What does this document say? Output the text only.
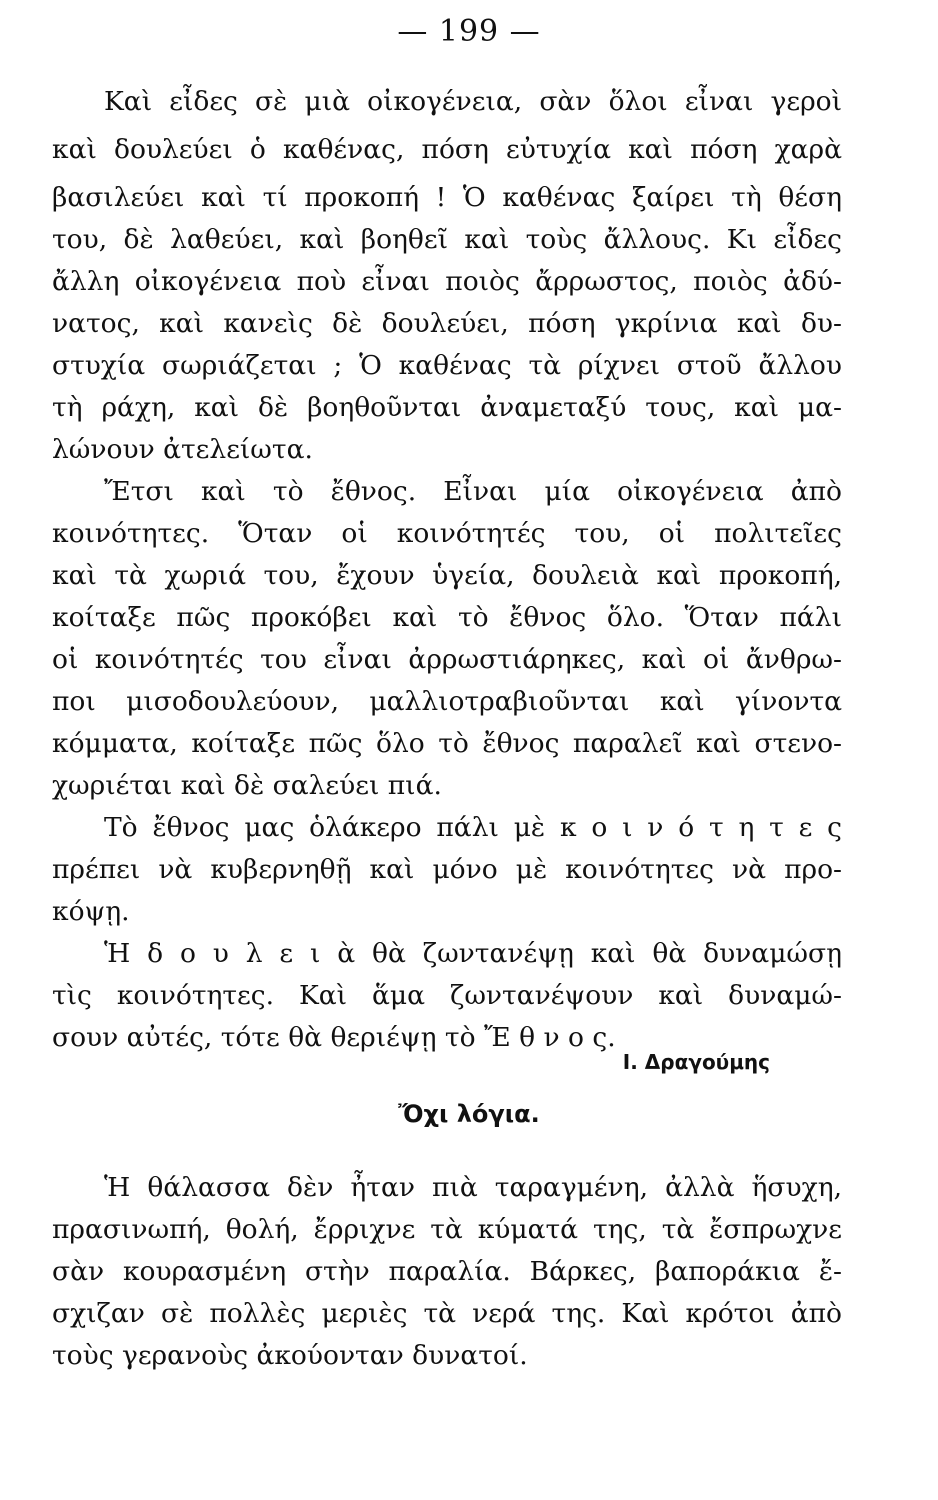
— 199 —
Καὶ εἶδες σὲ μιὰ οἰκογένεια, σὰν ὅλοι εἶναι γεροὶ
καὶ δουλεύει ὁ καθένας, πόση εὐτυχία καὶ πόση χαρὰ
βασιλεύει καὶ τί προκοπή ! Ὁ καθένας ξαίρει τὴ θέση
του, δὲ λαθεύει, καὶ βοηθεῖ καὶ τοὺς ἄλλους. Κι εἶδες
ἄλλη οἰκογένεια ποὺ εἶναι ποιὸς ἄρρωστος, ποιὸς ἀδύ-
νατος, καὶ κανεὶς δὲ δουλεύει, πόση γκρίνια καὶ δυ-
στυχία σωριάζεται ; Ὁ καθένας τὰ ρίχνει στοῦ ἄλλου
τὴ ράχη, καὶ δὲ βοηθοῦνται ἀναμεταξύ τους, καὶ μα-
λώνουν ἀτελείωτα.
Ἔτσι καὶ τὸ ἔθνος. Εἶναι μία οἰκογένεια ἀπὸ
κοινότητες. Ὅταν οἱ κοινότητές του, οἱ πολιτεῖες
καὶ τὰ χωριά του, ἔχουν ὑγεία, δουλειὰ καὶ προκοπή,
κοίταξε πῶς προκόβει καὶ τὸ ἔθνος ὅλο. Ὅταν πάλι
οἱ κοινότητές του εἶναι ἀρρωστιάρηκες, καὶ οἱ ἄνθρω-
ποι μισοδουλεύουν, μαλλιοτραβιοῦνται καὶ γίνοντα
κόμματα, κοίταξε πῶς ὅλο τὸ ἔθνος παραλεῖ καὶ στενο-
χωριέται καὶ δὲ σαλεύει πιά.
Τὸ ἔθνος μας ὁλάκερο πάλι μὲ κ ο ι ν ό τ η τ ε ς
πρέπει νὰ κυβερνηθῇ καὶ μόνο μὲ κοινότητες νὰ προ-
κόψῃ.
Ἡ δ ο υ λ ε ι ὰ θὰ ζωντανέψῃ καὶ θὰ δυναμώσῃ
τὶς κοινότητες. Καὶ ἅμα ζωντανέψουν καὶ δυναμώ-
σουν αὐτές, τότε θὰ θεριέψῃ τὸ Ἔ θ ν ο ς.
Ι. Δραγούμης
Ὄχι λόγια.
Ἡ θάλασσα δὲν ἦταν πιὰ ταραγμένη, ἀλλὰ ἥσυχη,
πρασινωπή, θολή, ἔρριχνε τὰ κύματά της, τὰ ἔσπρωχνε
σὰν κουρασμένη στὴν παραλία. Βάρκες, βαποράκια ἔ-
σχιζαν σὲ πολλὲς μεριὲς τὰ νερά της. Καὶ κρότοι ἀπὸ
τοὺς γερανοὺς ἀκούονταν δυνατοί.
